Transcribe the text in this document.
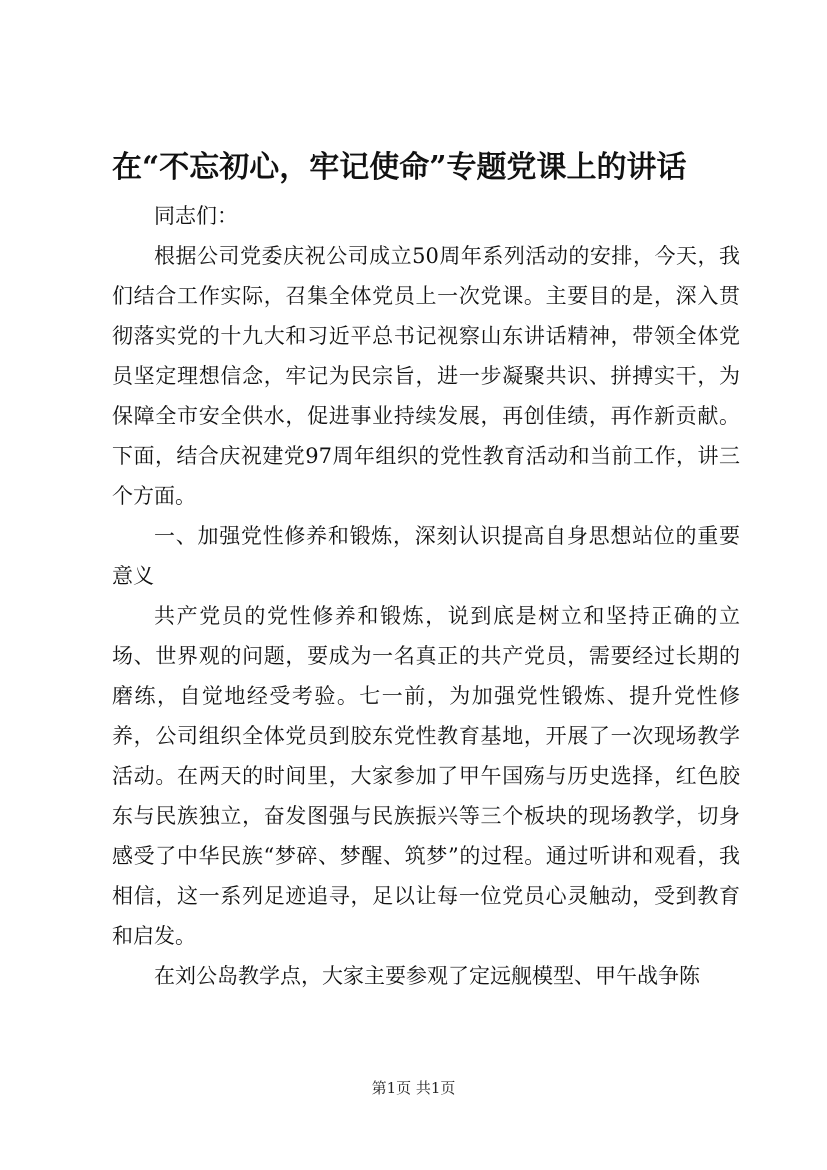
在“不忘初心，牢记使命”专题党课上的讲话

同志们：

根据公司党委庆祝公司成立50周年系列活动的安排，今天，我们结合工作实际，召集全体党员上一次党课。主要目的是，深入贯彻落实党的十九大和习近平总书记视察山东讲话精神，带领全体党员坚定理想信念，牢记为民宗旨，进一步凝聚共识、拼搏实干，为保障全市安全供水，促进事业持续发展，再创佳绩，再作新贡献。下面，结合庆祝建党97周年组织的党性教育活动和当前工作，讲三个方面。

一、加强党性修养和锻炼，深刻认识提高自身思想站位的重要意义

共产党员的党性修养和锻炼，说到底是树立和坚持正确的立场、世界观的问题，要成为一名真正的共产党员，需要经过长期的磨练，自觉地经受考验。七一前，为加强党性锻炼、提升党性修养，公司组织全体党员到胶东党性教育基地，开展了一次现场教学活动。在两天的时间里，大家参加了甲午国殇与历史选择，红色胶东与民族独立，奋发图强与民族振兴等三个板块的现场教学，切身感受了中华民族“梦碎、梦醒、筑梦”的过程。通过听讲和观看，我相信，这一系列足迹追寻，足以让每一位党员心灵触动，受到教育和启发。

在刘公岛教学点，大家主要参观了定远舰模型、甲午战争陈

第1页 共1页
